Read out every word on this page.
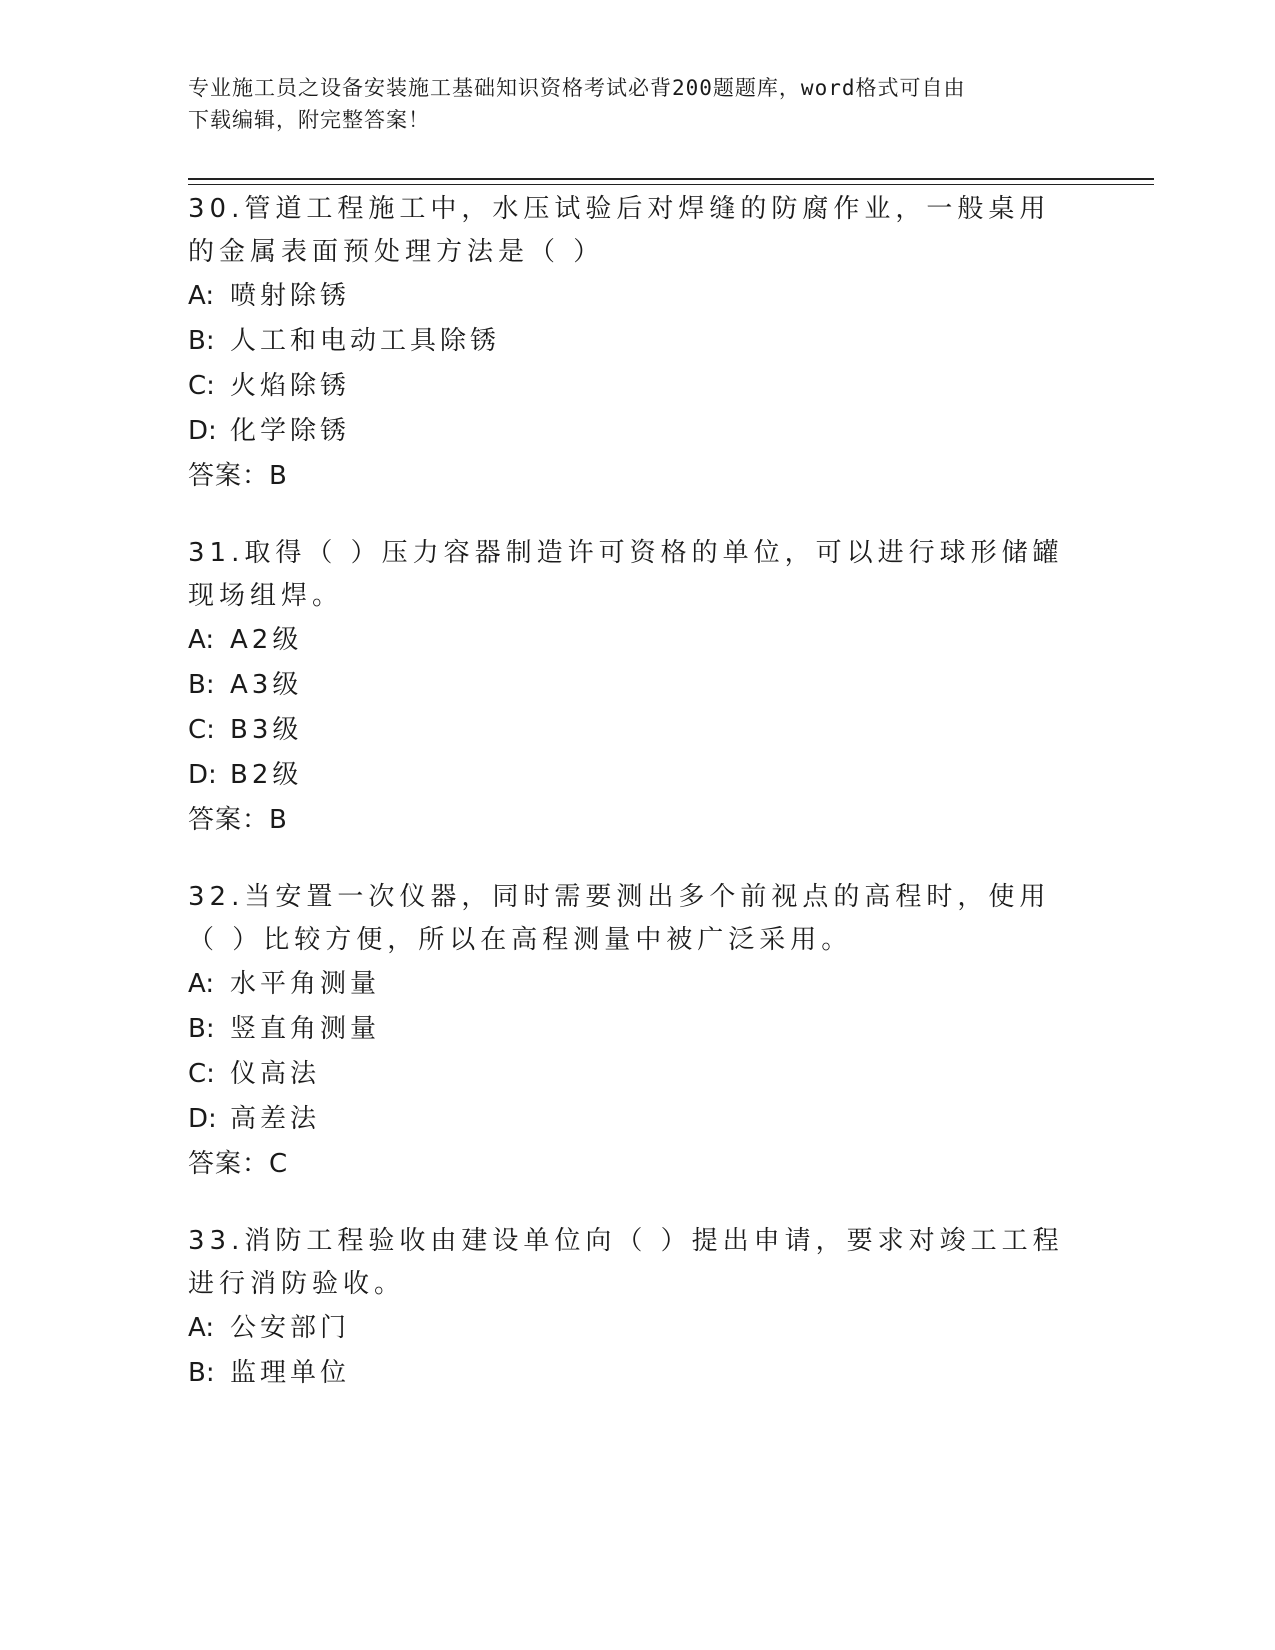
专业施工员之设备安装施工基础知识资格考试必背200题题库，word格式可自由
下载编辑，附完整答案！
30.管道工程施工中，水压试验后对焊缝的防腐作业，一般桌用的金属表面预处理方法是（ ）
A: 喷射除锈
B: 人工和电动工具除锈
C: 火焰除锈
D: 化学除锈
答案：B
31.取得（ ）压力容器制造许可资格的单位，可以进行球形储罐现场组焊。
A: A2级
B: A3级
C: B3级
D: B2级
答案：B
32.当安置一次仪器，同时需要测出多个前视点的高程时，使用（ ）比较方便，所以在高程测量中被广泛采用。
A: 水平角测量
B: 竖直角测量
C: 仪高法
D: 高差法
答案：C
33.消防工程验收由建设单位向（ ）提出申请，要求对竣工工程进行消防验收。
A: 公安部门
B: 监理单位
